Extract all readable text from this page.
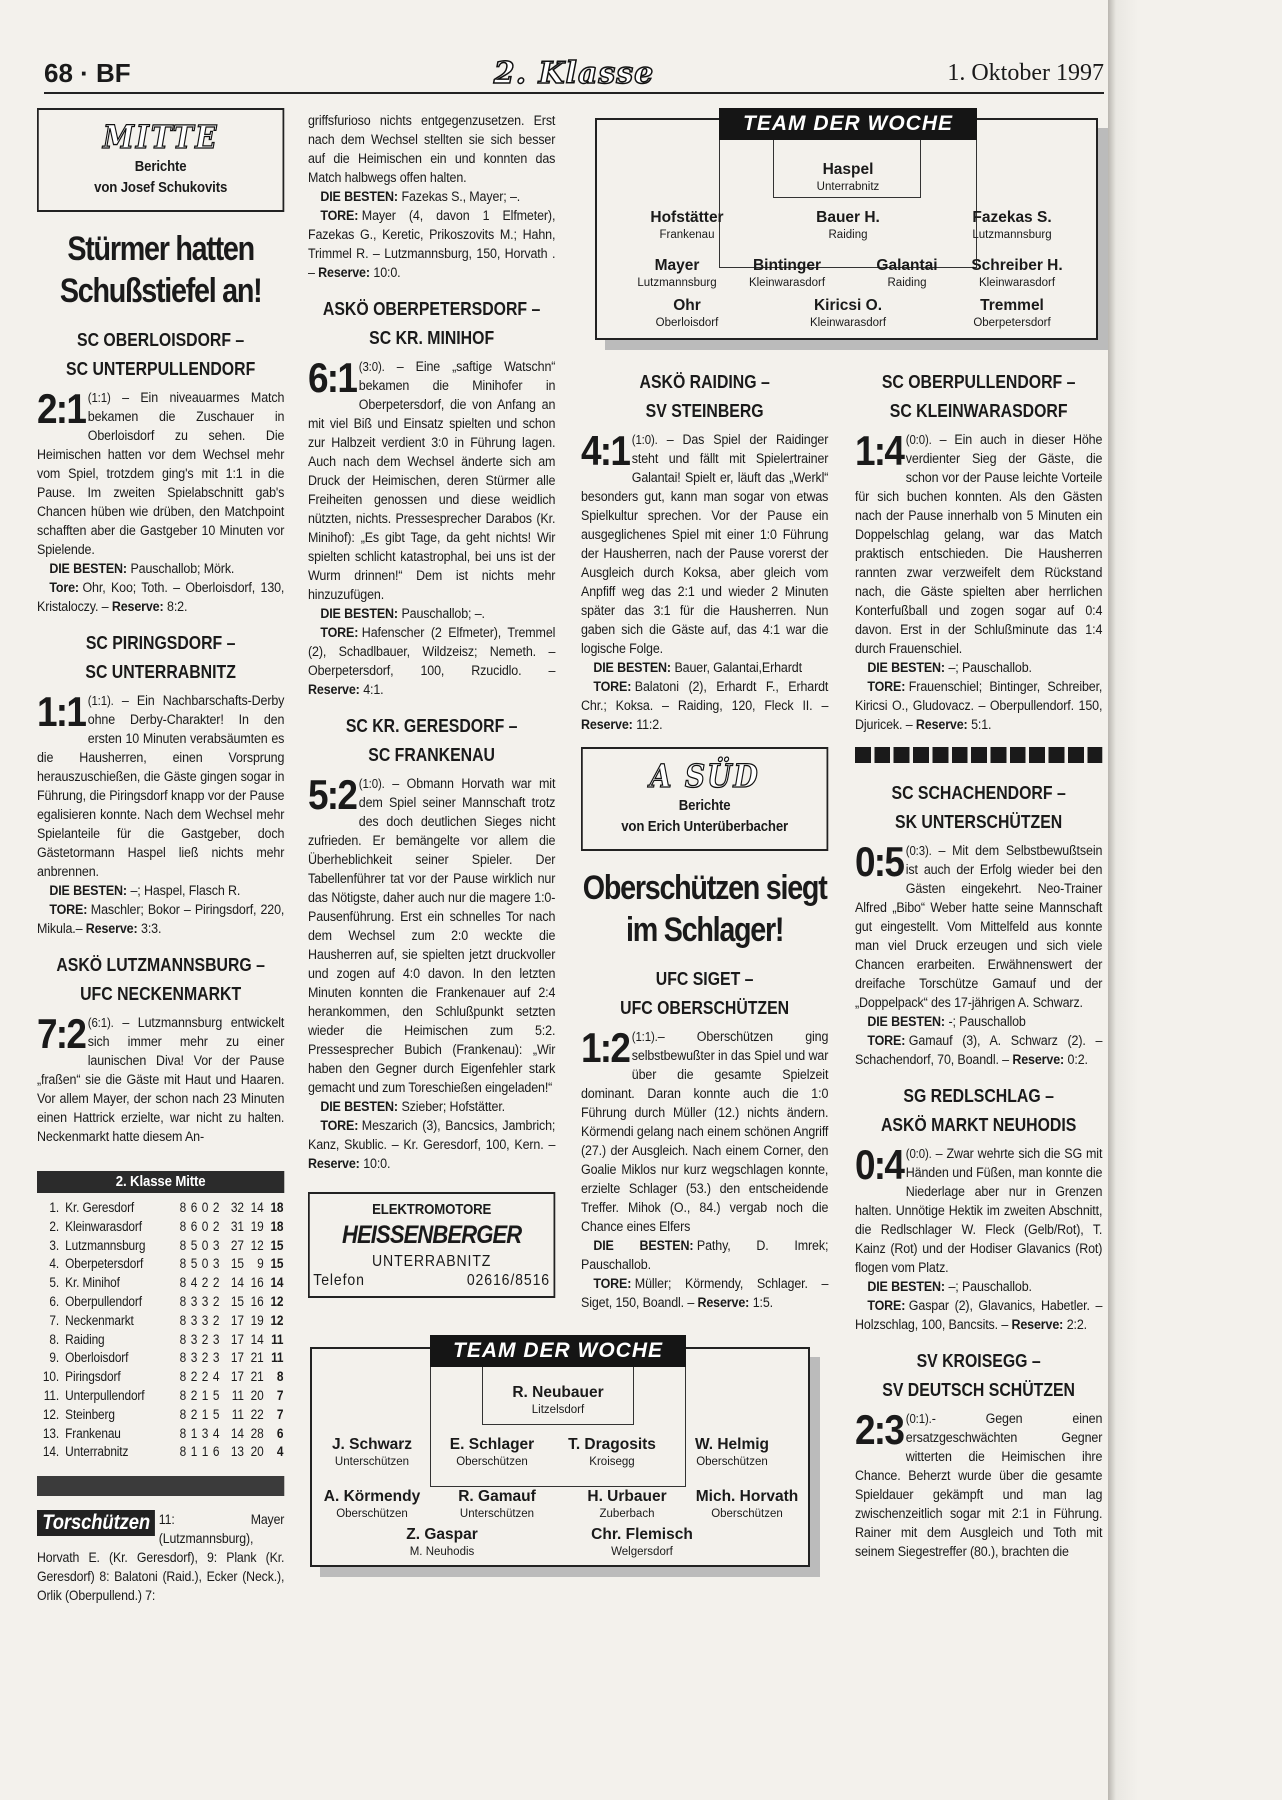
68 · BF	2. Klasse	1. Oktober 1997
MITTE
Berichte
von Josef Schukovits
Stürmer hatten Schußstiefel an!
SC OBERLOISDORF –
SC UNTERPULLENDORF

2:1 (1:1) – Ein niveauarmes Match bekamen die Zuschauer in Oberloisdorf zu sehen. Die Heimischen hatten vor dem Wechsel mehr vom Spiel, trotzdem ging's mit 1:1 in die Pause. Im zweiten Spielabschnitt gab's Chancen hüben wie drüben, den Matchpoint schafften aber die Gastgeber 10 Minuten vor Spielende.

DIE BESTEN: Pauschallob; Mörk.

Tore: Ohr, Koo; Toth. – Oberloisdorf, 130, Kristaloczy. – Reserve: 8:2.

SC PIRINGSDORF –
SC UNTERRABNITZ

1:1 (1:1). – Ein Nachbarschafts-Derby ohne Derby-Charakter! In den ersten 10 Minuten verabsäumten es die Hausherren, einen Vorsprung herauszuschießen, die Gäste gingen sogar in Führung, die Piringsdorf knapp vor der Pause egalisieren konnte. Nach dem Wechsel mehr Spielanteile für die Gastgeber, doch Gästetormann Haspel ließ nichts mehr anbrennen.

DIE BESTEN: –; Haspel, Flasch R.

TORE: Maschler; Bokor – Piringsdorf, 220, Mikula.– Reserve: 3:3.

ASKÖ LUTZMANNSBURG –
UFC NECKENMARKT

7:2 (6:1). – Lutzmannsburg entwickelt sich immer mehr zu einer launischen Diva! Vor der Pause „fraßen“ sie die Gäste mit Haut und Haaren. Vor allem Mayer, der schon nach 23 Minuten einen Hattrick erzielte, war nicht zu halten. Neckenmarkt hatte diesem An-

2. Klasse Mitte
1.	Kr. Geresdorf	8	6	0	2	32	14	18
2.	Kleinwarasdorf	8	6	0	2	31	19	18
3.	Lutzmannsburg	8	5	0	3	27	12	15
4.	Oberpetersdorf	8	5	0	3	15	9	15
5.	Kr. Minihof	8	4	2	2	14	16	14
6.	Oberpullendorf	8	3	3	2	15	16	12
7.	Neckenmarkt	8	3	3	2	17	19	12
8.	Raiding	8	3	2	3	17	14	11
9.	Oberloisdorf	8	3	2	3	17	21	11
10.	Piringsdorf	8	2	2	4	17	21	8
11.	Unterpullendorf	8	2	1	5	11	20	7
12.	Steinberg	8	2	1	5	11	22	7
13.	Frankenau	8	1	3	4	14	28	6
14.	Unterrabnitz	8	1	1	6	13	20	4
Torschützen 11: Mayer (Lutzmannsburg), Horvath E. (Kr. Geresdorf), 9: Plank (Kr. Geresdorf) 8: Balatoni (Raid.), Ecker (Neck.), Orlik (Oberpullend.) 7:

griffsfurioso nichts entgegenzusetzen. Erst nach dem Wechsel stellten sie sich besser auf die Heimischen ein und konnten das Match halbwegs offen halten.

DIE BESTEN: Fazekas S., Mayer; –.

TORE: Mayer (4, davon 1 Elfmeter), Fazekas G., Keretic, Prikoszovits M.; Hahn, Trimmel R. – Lutzmannsburg, 150, Horvath . – Reserve: 10:0.

ASKÖ OBERPETERSDORF –
SC KR. MINIHOF

6:1 (3:0). – Eine „saftige Watschn“ bekamen die Minihofer in Oberpetersdorf, die von Anfang an mit viel Biß und Einsatz spielten und schon zur Halbzeit verdient 3:0 in Führung lagen. Auch nach dem Wechsel änderte sich am Druck der Heimischen, deren Stürmer alle Freiheiten genossen und diese weidlich nützten, nichts. Pressesprecher Darabos (Kr. Minihof): „Es gibt Tage, da geht nichts! Wir spielten schlicht katastrophal, bei uns ist der Wurm drinnen!“ Dem ist nichts mehr hinzuzufügen.

DIE BESTEN: Pauschallob; –.

TORE: Hafenscher (2 Elfmeter), Tremmel (2), Schadlbauer, Wildzeisz; Nemeth. – Oberpetersdorf, 100, Rzucidlo. – Reserve: 4:1.

SC KR. GERESDORF –
SC FRANKENAU

5:2 (1:0). – Obmann Horvath war mit dem Spiel seiner Mannschaft trotz des doch deutlichen Sieges nicht zufrieden. Er bemängelte vor allem die Überheblichkeit seiner Spieler. Der Tabellenführer tat vor der Pause wirklich nur das Nötigste, daher auch nur die magere 1:0-Pausenführung. Erst ein schnelles Tor nach dem Wechsel zum 2:0 weckte die Hausherren auf, sie spielten jetzt druckvoller und zogen auf 4:0 davon. In den letzten Minuten konnten die Frankenauer auf 2:4 herankommen, den Schlußpunkt setzten wieder die Heimischen zum 5:2. Pressesprecher Bubich (Frankenau): „Wir haben den Gegner durch Eigenfehler stark gemacht und zum Toreschießen eingeladen!“

DIE BESTEN: Szieber; Hofstätter.

TORE: Meszarich (3), Bancsics, Jambrich; Kanz, Skublic. – Kr. Geresdorf, 100, Kern. – Reserve: 10:0.

ELEKTROMOTORE
HEISSENBERGER
UNTERRABNITZ
Telefon	02616/8516
ASKÖ RAIDING –
SV STEINBERG

4:1 (1:0). – Das Spiel der Raidinger steht und fällt mit Spielertrainer Galantai! Spielt er, läuft das „Werkl“ besonders gut, kann man sogar von etwas Spielkultur sprechen. Vor der Pause ein ausgeglichenes Spiel mit einer 1:0 Führung der Hausherren, nach der Pause vorerst der Ausgleich durch Koksa, aber gleich vom Anpfiff weg das 2:1 und wieder 2 Minuten später das 3:1 für die Hausherren. Nun gaben sich die Gäste auf, das 4:1 war die logische Folge.

DIE BESTEN: Bauer, Galantai,Erhardt

TORE: Balatoni (2), Erhardt F., Erhardt Chr.; Koksa. – Raiding, 120, Fleck II. – Reserve: 11:2.

A SÜD
Berichte
von Erich Unterüberbacher
Oberschützen siegt im Schlager!
UFC SIGET –
UFC OBERSCHÜTZEN

1:2 (1:1).– Oberschützen ging selbstbewußter in das Spiel und war über die gesamte Spielzeit dominant. Daran konnte auch die 1:0 Führung durch Müller (12.) nichts ändern. Körmendi gelang nach einem schönen Angriff (27.) der Ausgleich. Nach einem Corner, den Goalie Miklos nur kurz wegschlagen konnte, erzielte Schlager (53.) den entscheidende Treffer. Mihok (O., 84.) vergab noch die Chance eines Elfers

DIE BESTEN: Pathy, D. Imrek; Pauschallob.

TORE: Müller; Körmendy, Schlager. – Siget, 150, Boandl. – Reserve: 1:5.

SC OBERPULLENDORF –
SC KLEINWARASDORF

1:4 (0:0). – Ein auch in dieser Höhe verdienter Sieg der Gäste, die schon vor der Pause leichte Vorteile für sich buchen konnten. Als den Gästen nach der Pause innerhalb von 5 Minuten ein Doppelschlag gelang, war das Match praktisch entschieden. Die Hausherren rannten zwar verzweifelt dem Rückstand nach, die Gäste spielten aber herrlichen Konterfußball und zogen sogar auf 0:4 davon. Erst in der Schlußminute das 1:4 durch Frauenschiel.

DIE BESTEN: –; Pauschallob.

TORE: Frauenschiel; Bintinger, Schreiber, Kiricsi O., Gludovacz. – Oberpullendorf. 150, Djuricek. – Reserve: 5:1.

SC SCHACHENDORF –
SK UNTERSCHÜTZEN

0:5 (0:3). – Mit dem Selbstbewußtsein ist auch der Erfolg wieder bei den Gästen eingekehrt. Neo-Trainer Alfred „Bibo“ Weber hatte seine Mannschaft gut eingestellt. Vom Mittelfeld aus konnte man viel Druck erzeugen und sich viele Chancen erarbeiten. Erwähnenswert der dreifache Torschütze Gamauf und der „Doppelpack“ des 17-jährigen A. Schwarz.

DIE BESTEN: -; Pauschallob

TORE: Gamauf (3), A. Schwarz (2). – Schachendorf, 70, Boandl. – Reserve: 0:2.

SG REDLSCHLAG –
ASKÖ MARKT NEUHODIS

0:4 (0:0). – Zwar wehrte sich die SG mit Händen und Füßen, man konnte die Niederlage aber nur in Grenzen halten. Unnötige Hektik im zweiten Abschnitt, die Redlschlager W. Fleck (Gelb/Rot), T. Kainz (Rot) und der Hodiser Glavanics (Rot) flogen vom Platz.

DIE BESTEN: –; Pauschallob.

TORE: Gaspar (2), Glavanics, Habetler. – Holzschlag, 100, Bancsits. – Reserve: 2:2.

SV KROISEGG –
SV DEUTSCH SCHÜTZEN

2:3 (0:1).- Gegen einen ersatzgeschwächten Gegner witterten die Heimischen ihre Chance. Beherzt wurde über die gesamte Spieldauer gekämpft und man lag zwischenzeitlich sogar mit 2:1 in Führung. Rainer mit dem Ausgleich und Toth mit seinem Siegestreffer (80.), brachten die

TEAM DER WOCHE
Haspel
Unterrabnitz
Hofstätter
Frankenau
Bauer H.
Raiding
Fazekas S.
Lutzmannsburg
Mayer
Lutzmannsburg
Bintinger
Kleinwarasdorf
Galantai
Raiding
Schreiber H.
Kleinwarasdorf
Ohr
Oberloisdorf
Kiricsi O.
Kleinwarasdorf
Tremmel
Oberpetersdorf
TEAM DER WOCHE
R. Neubauer
Litzelsdorf
J. Schwarz
Unterschützen
E. Schlager
Oberschützen
T. Dragosits
Kroisegg
W. Helmig
Oberschützen
A. Körmendy
Oberschützen
R. Gamauf
Unterschützen
H. Urbauer
Zuberbach
Mich. Horvath
Oberschützen
Z. Gaspar
M. Neuhodis
Chr. Flemisch
Welgersdorf
